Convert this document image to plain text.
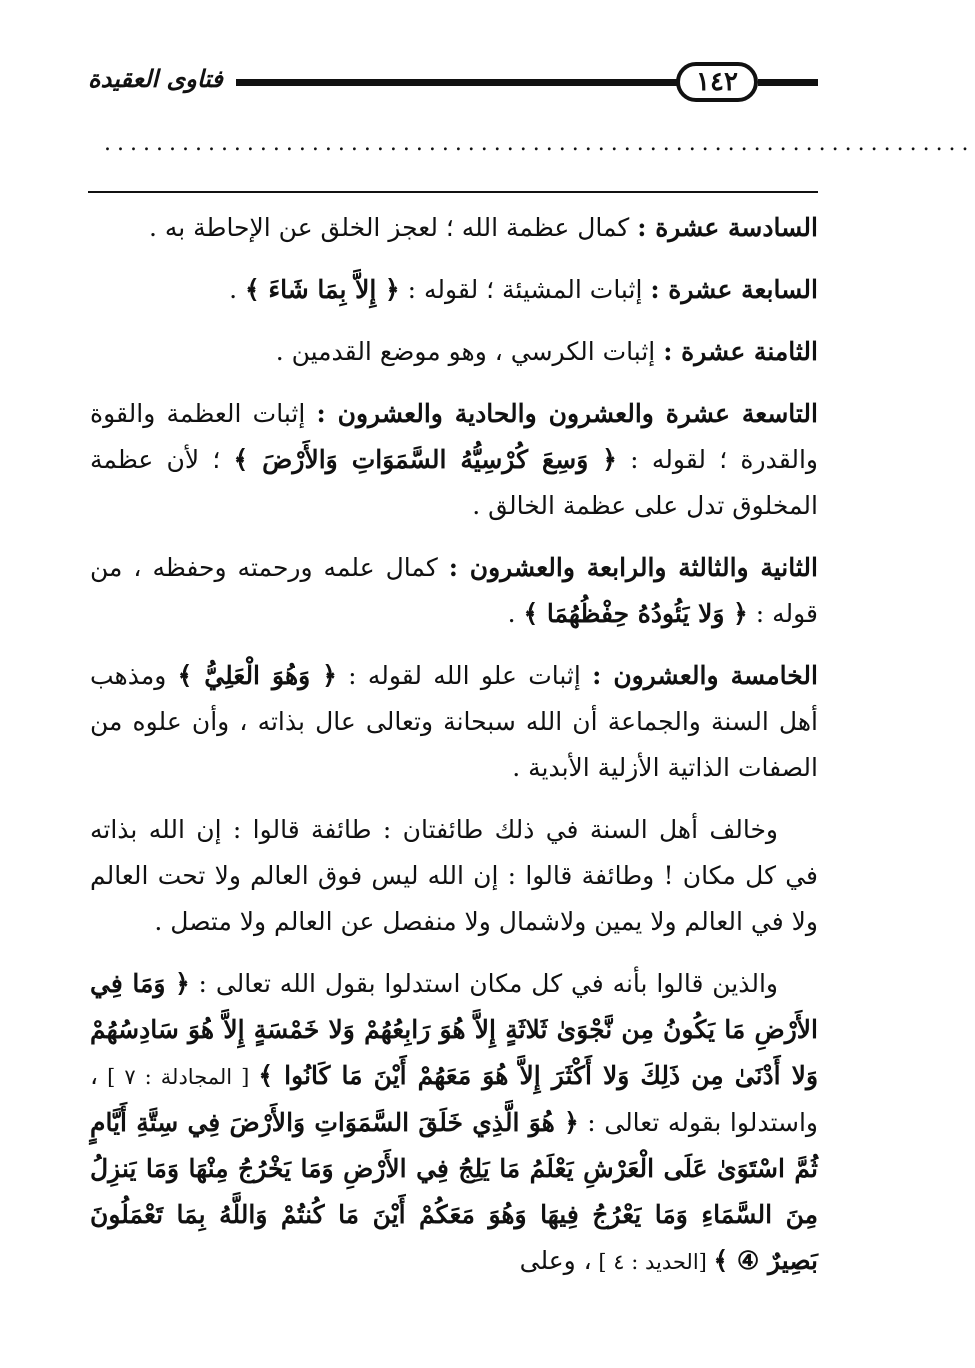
١٤٢
فتاوى العقيدة
...................................................................

السادسة عشرة : كمال عظمة الله ؛ لعجز الخلق عن الإحاطة به .

السابعة عشرة : إثبات المشيئة ؛ لقوله : ﴿ إِلاَّ بِمَا شَاءَ ﴾ .

الثامنة عشرة : إثبات الكرسي ، وهو موضع القدمين .

التاسعة عشرة والعشرون والحادية والعشرون : إثبات العظمة والقوة والقدرة ؛ لقوله : ﴿ وَسِعَ كُرْسِيُّهُ السَّمَوَاتِ وَالأَرْضَ ﴾ ؛ لأن عظمة المخلوق تدل على عظمة الخالق .

الثانية والثالثة والرابعة والعشرون : كمال علمه ورحمته وحفظه ، من قوله : ﴿ وَلا يَئُودُهُ حِفْظُهُمَا ﴾ .

الخامسة والعشرون : إثبات علو الله لقوله : ﴿ وَهُوَ الْعَلِيُّ ﴾ ومذهب أهل السنة والجماعة أن الله سبحانة وتعالى عال بذاته ، وأن علوه من الصفات الذاتية الأزلية الأبدية .

وخالف أهل السنة في ذلك طائفتان : طائفة قالوا : إن الله بذاته في كل مكان ! وطائفة قالوا : إن الله ليس فوق العالم ولا تحت العالم ولا في العالم ولا يمين ولاشمال ولا منفصل عن العالم ولا متصل .

والذين قالوا بأنه في كل مكان استدلوا بقول الله تعالى : ﴿ وَمَا فِي الأَرْضِ مَا يَكُونُ مِن نَّجْوَىٰ ثَلاثَةٍ إِلاَّ هُوَ رَابِعُهُمْ وَلا خَمْسَةٍ إِلاَّ هُوَ سَادِسُهُمْ وَلا أَدْنَىٰ مِن ذَلِكَ وَلا أَكْثَرَ إِلاَّ هُوَ مَعَهُمْ أَيْنَ مَا كَانُوا ﴾ [ المجادلة : ٧ ] ، واستدلوا بقوله تعالى : ﴿ هُوَ الَّذِي خَلَقَ السَّمَوَاتِ وَالأَرْضَ فِي سِتَّةِ أَيَّامٍ ثُمَّ اسْتَوَىٰ عَلَى الْعَرْشِ يَعْلَمُ مَا يَلِجُ فِي الأَرْضِ وَمَا يَخْرُجُ مِنْهَا وَمَا يَنزِلُ مِنَ السَّمَاءِ وَمَا يَعْرُجُ فِيهَا وَهُوَ مَعَكُمْ أَيْنَ مَا كُنتُمْ وَاللَّهُ بِمَا تَعْمَلُونَ بَصِيرٌ ④ ﴾ [الحديد : ٤ ] ، وعلى
